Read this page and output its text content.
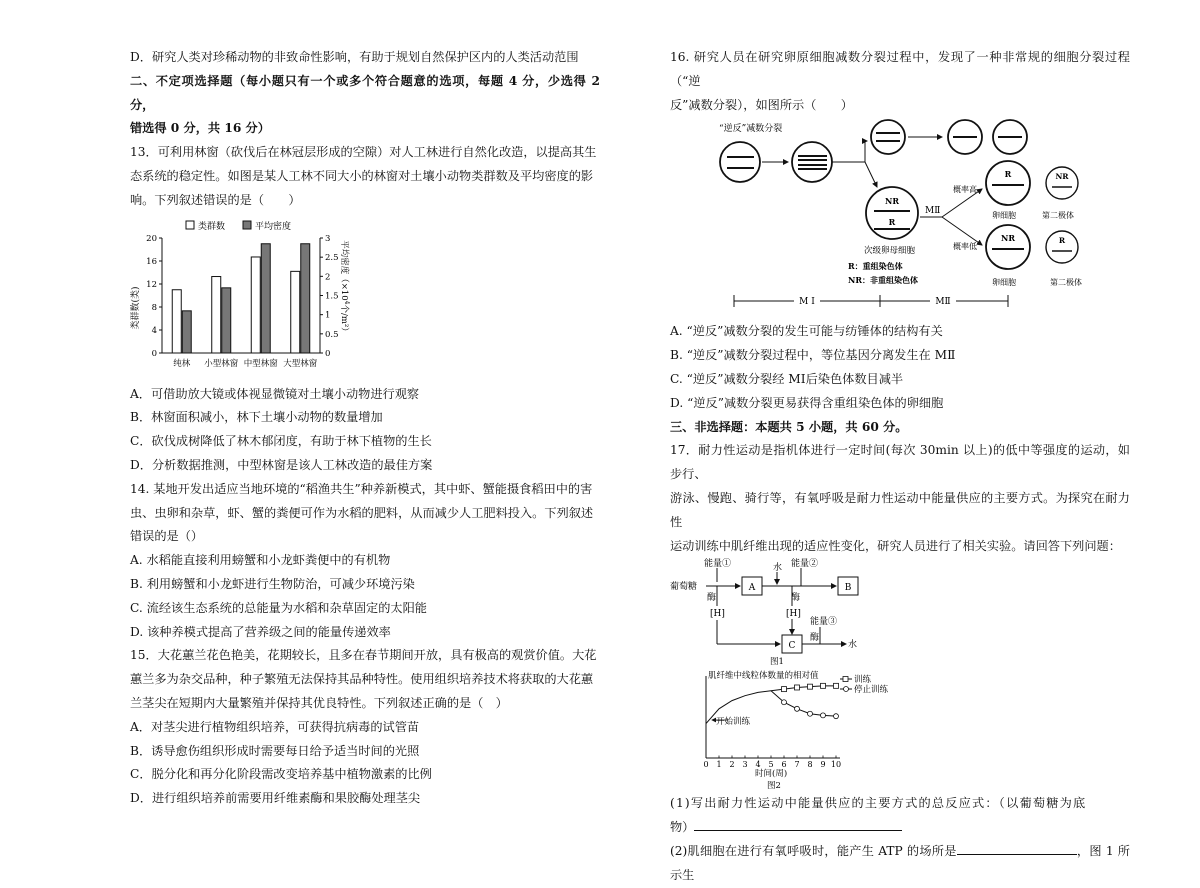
D．研究人类对珍稀动物的非致命性影响，有助于规划自然保护区内的人类活动范围

二、不定项选择题（每小题只有一个或多个符合题意的选项，每题 4 分，少选得 2 分，

错选得 0 分，共 16 分）

13．可利用林窗（砍伐后在林冠层形成的空隙）对人工林进行自然化改造，以提高其生

态系统的稳定性。如图是某人工林不同大小的林窗对土壤小动物类群数及平均密度的影

响。下列叙述错误的是（　　）

类群数	平均密度
类群数(类)
平均密度（$\times 10^4$个/m²）
0
4
8
12
16
20
0
0.5
1
1.5
2
2.5
3
纯林 小型林窗 中型林窗 大型林窗

A．可借助放大镜或体视显微镜对土壤小动物进行观察

B．林窗面积减小，林下土壤小动物的数量增加

C．砍伐成树降低了林木郁闭度，有助于林下植物的生长

D．分析数据推测，中型林窗是该人工林改造的最佳方案

14. 某地开发出适应当地环境的“稻渔共生”种养新模式，其中虾、蟹能摄食稻田中的害

虫、虫卵和杂草，虾、蟹的粪便可作为水稻的肥料，从而减少人工肥料投入。下列叙述

错误的是（）

A. 水稻能直接利用螃蟹和小龙虾粪便中的有机物

B. 利用螃蟹和小龙虾进行生物防治，可减少环境污染

C. 流经该生态系统的总能量为水稻和杂草固定的太阳能

D. 该种养模式提高了营养级之间的能量传递效率

15．大花蕙兰花色艳美，花期较长，且多在春节期间开放，具有极高的观赏价值。大花

蕙兰多为杂交品种，种子繁殖无法保持其品种特性。使用组织培养技术将获取的大花蕙

兰茎尖在短期内大量繁殖并保持其优良特性。下列叙述正确的是（　）

A．对茎尖进行植物组织培养，可获得抗病毒的试管苗

B．诱导愈伤组织形成时需要每日给予适当时间的光照

C．脱分化和再分化阶段需改变培养基中植物激素的比例

D．进行组织培养前需要用纤维素酶和果胶酶处理茎尖

16. 研究人员在研究卵原细胞减数分裂过程中，发现了一种非常规的细胞分裂过程（“逆

反”减数分裂），如图所示（　　）

“逆反”减数分裂
NR
R
次级卵母细胞
R：重组染色体
NR：非重组染色体
MⅡ
概率高
概率低
R
卵细胞
NR
第二极体
NR
卵细胞
R
第二极体
M Ⅰ	MⅡ

A. “逆反”减数分裂的发生可能与纺锤体的结构有关

B. “逆反”减数分裂过程中，等位基因分离发生在 MⅡ

C. “逆反”减数分裂经 MⅠ后染色体数目减半

D. “逆反”减数分裂更易获得含重组染色体的卵细胞

三、非选择题：本题共 5 小题，共 60 分。

17．耐力性运动是指机体进行一定时间(每次 30min 以上)的低中等强度的运动，如步行、

游泳、慢跑、骑行等，有氧呼吸是耐力性运动中能量供应的主要方式。为探究在耐力性

运动训练中肌纤维出现的适应性变化，研究人员进行了相关实验。请回答下列问题：

能量①
葡萄糖
酶
[H]
A
水 能量②
酶
[H]
B
C
能量③
酶
水
图1
肌纤维中线粒体数量的相对值
0 1 2 3 4 5 6 7 8 9 10
训练
停止训练
开始训练
时间(周)
图2

(1)写出耐力性运动中能量供应的主要方式的总反应式：（以葡萄糖为底

物）

(2)肌细胞在进行有氧呼吸时，能产生 ATP 的场所是	，图 1 所示生
